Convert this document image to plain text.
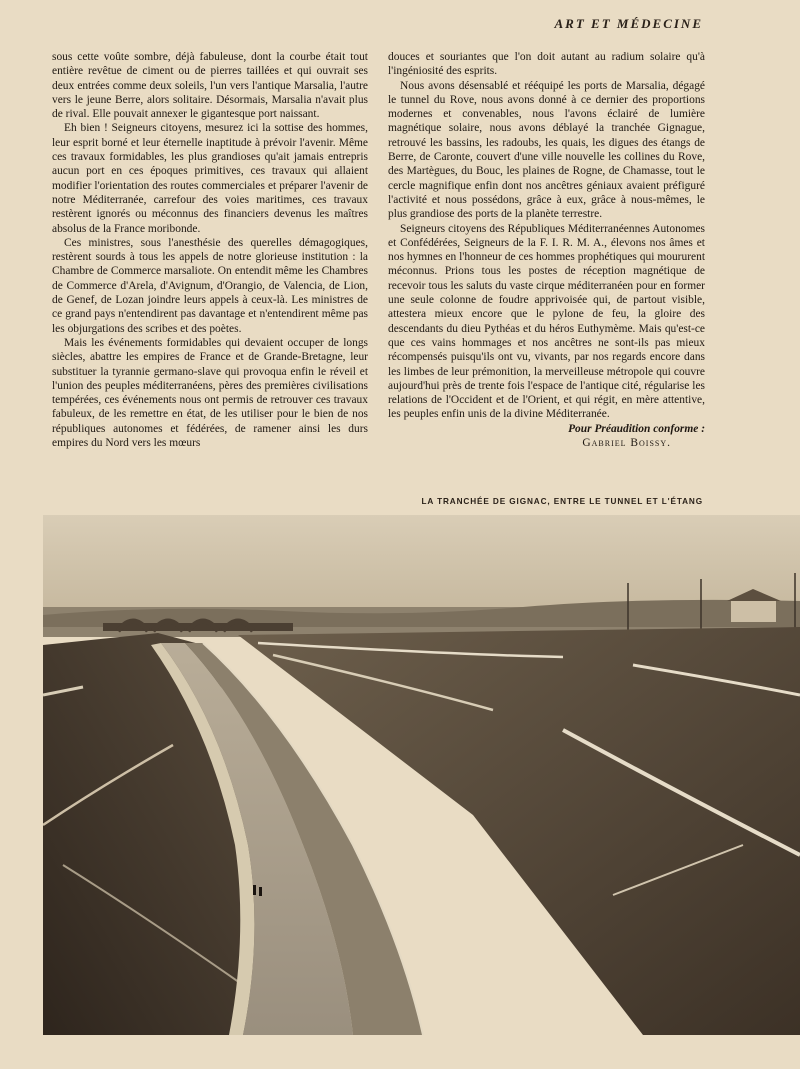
ART ET MÉDECINE

sous cette voûte sombre, déjà fabuleuse, dont la courbe était tout entière revêtue de ciment ou de pierres taillées et qui ouvrait ses deux entrées comme deux soleils, l'un vers l'antique Marsalia, l'autre vers le jeune Berre, alors solitaire. Désormais, Marsalia n'avait plus de rival. Elle pouvait annexer le gigantesque port naissant.

Eh bien ! Seigneurs citoyens, mesurez ici la sottise des hommes, leur esprit borné et leur éternelle inaptitude à prévoir l'avenir. Même ces travaux formidables, les plus grandioses qu'ait jamais entrepris aucun port en ces époques primitives, ces travaux qui allaient modifier l'orientation des routes commerciales et préparer l'avenir de notre Méditerranée, carrefour des voies maritimes, ces travaux restèrent ignorés ou méconnus des financiers devenus les maîtres absolus de la France moribonde.

Ces ministres, sous l'anesthésie des querelles démagogiques, restèrent sourds à tous les appels de notre glorieuse institution : la Chambre de Commerce marsaliote. On entendit même les Chambres de Commerce d'Arela, d'Avignum, d'Orangio, de Valencia, de Lion, de Genef, de Lozan joindre leurs appels à ceux-là. Les ministres de ce grand pays n'entendirent pas davantage et n'entendirent même pas les objurgations des scribes et des poètes.

Mais les événements formidables qui devaient occuper de longs siècles, abattre les empires de France et de Grande-Bretagne, leur substituer la tyrannie germano-slave qui provoqua enfin le réveil et l'union des peuples méditerranéens, pères des premières civilisations tempérées, ces événements nous ont permis de retrouver ces travaux fabuleux, de les remettre en état, de les utiliser pour le bien de nos républiques autonomes et fédérées, de ramener ainsi les durs empires du Nord vers les mœurs

douces et souriantes que l'on doit autant au radium solaire qu'à l'ingéniosité des esprits.

Nous avons désensablé et rééquipé les ports de Marsalia, dégagé le tunnel du Rove, nous avons donné à ce dernier des proportions modernes et convenables, nous l'avons éclairé de lumière magnétique solaire, nous avons déblayé la tranchée Gignague, retrouvé les bassins, les radoubs, les quais, les digues des étangs de Berre, de Caronte, couvert d'une ville nouvelle les collines du Rove, des Martègues, du Bouc, les plaines de Rogne, de Chamasse, tout le cercle magnifique enfin dont nos ancêtres géniaux avaient préfiguré l'activité et nous possédons, grâce à eux, grâce à nous-mêmes, le plus grandiose des ports de la planète terrestre.

Seigneurs citoyens des Républiques Méditerranéennes Autonomes et Confédérées, Seigneurs de la F. I. R. M. A., élevons nos âmes et nos hymnes en l'honneur de ces hommes prophétiques qui moururent méconnus. Prions tous les postes de réception magnétique de recevoir tous les saluts du vaste cirque méditerranéen pour en former une seule colonne de foudre apprivoisée qui, de partout visible, attestera mieux encore que le pylone de feu, la gloire des descendants du dieu Pythéas et du héros Euthymème. Mais qu'est-ce que ces vains hommages et nos ancêtres ne sont-ils pas mieux récompensés puisqu'ils ont vu, vivants, par nos regards encore dans les limbes de leur prémonition, la merveilleuse métropole qui couvre aujourd'hui près de trente fois l'espace de l'antique cité, régularise les relations de l'Occident et de l'Orient, et qui régit, en mère attentive, les peuples enfin unis de la divine Méditerranée.

Pour Préaudition conforme :
Gabriel Boissy.
LA TRANCHÉE DE GIGNAC, ENTRE LE TUNNEL ET L'ÉTANG
